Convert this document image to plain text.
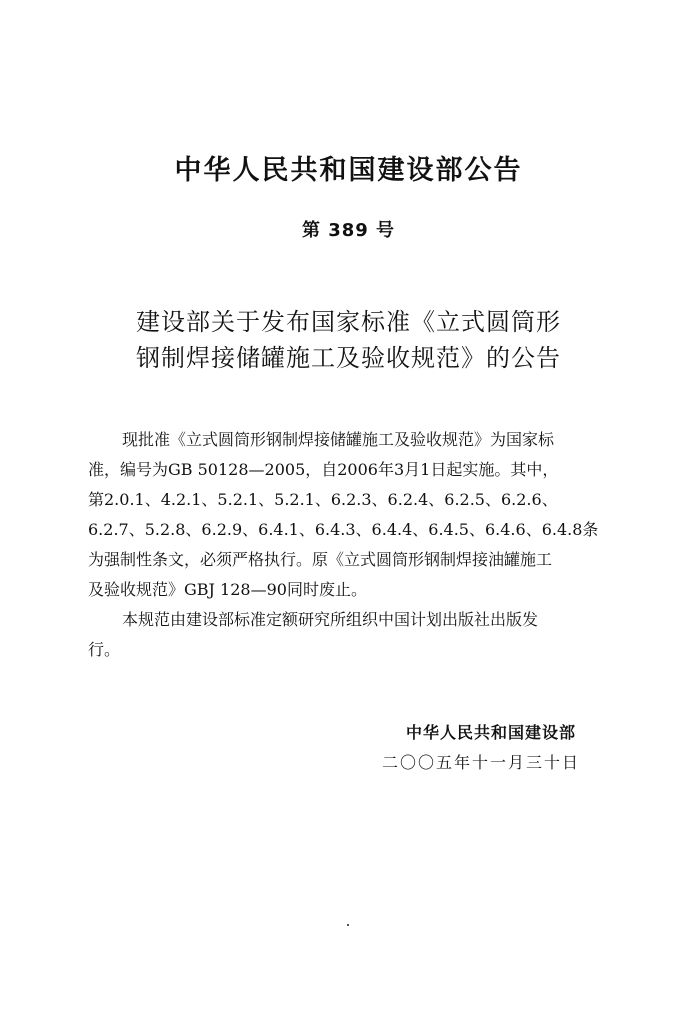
中华人民共和国建设部公告
第 389 号
建设部关于发布国家标准《立式圆筒形
钢制焊接储罐施工及验收规范》的公告
现批准《立式圆筒形钢制焊接储罐施工及验收规范》为国家标
准，编号为GB 50128—2005，自2006年3月1日起实施。其中，
第2.0.1、4.2.1、5.2.1、5.2.1、6.2.3、6.2.4、6.2.5、6.2.6、
6.2.7、5.2.8、6.2.9、6.4.1、6.4.3、6.4.4、6.4.5、6.4.6、6.4.8条
为强制性条文，必须严格执行。原《立式圆筒形钢制焊接油罐施工
及验收规范》GBJ 128—90同时废止。
本规范由建设部标准定额研究所组织中国计划出版社出版发
行。
中华人民共和国建设部
二〇〇五年十一月三十日
